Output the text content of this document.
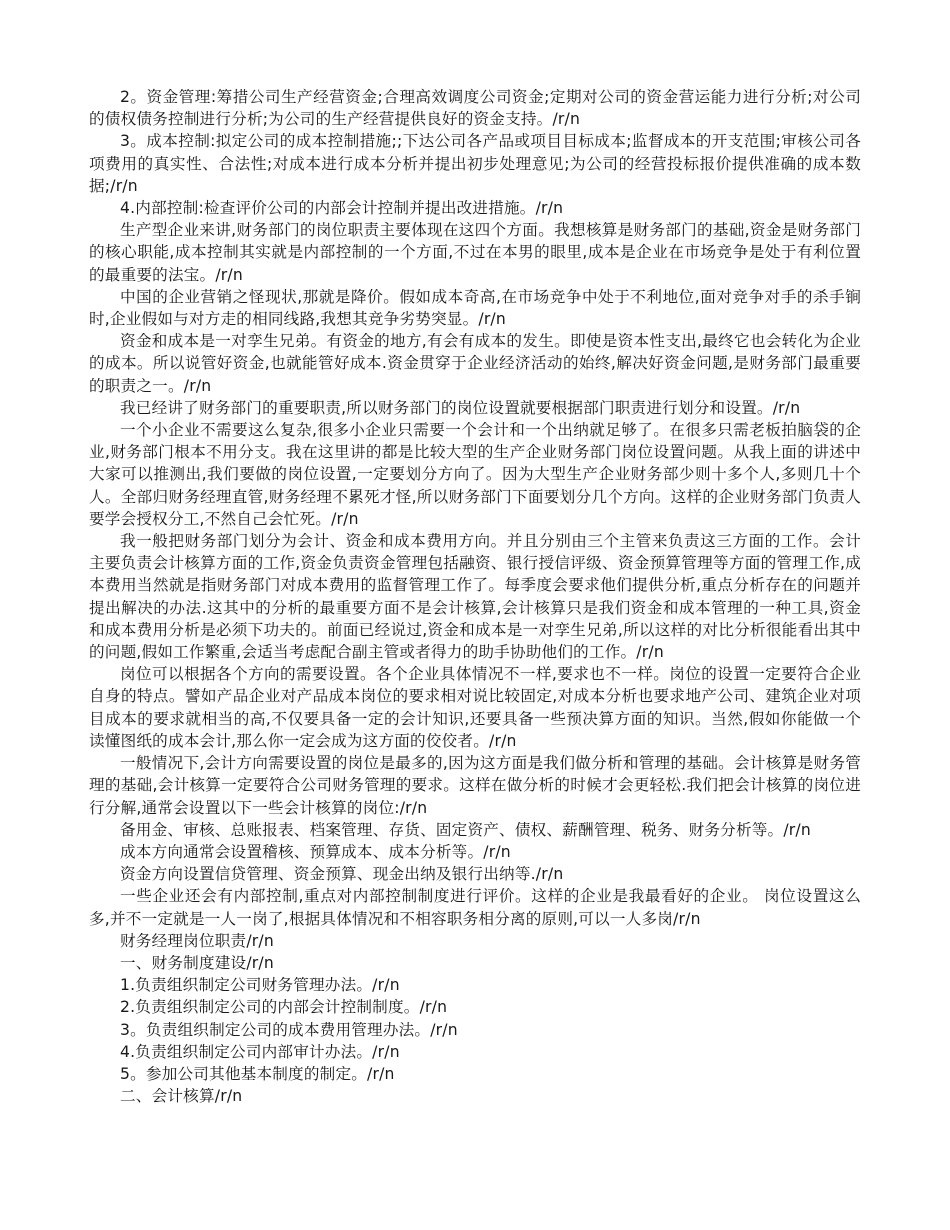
2。资金管理:筹措公司生产经营资金;合理高效调度公司资金;定期对公司的资金营运能力进行分析;对公司的债权债务控制进行分析;为公司的生产经营提供良好的资金支持。/r/n

3。成本控制:拟定公司的成本控制措施;;下达公司各产品或项目目标成本;监督成本的开支范围;审核公司各项费用的真实性、合法性;对成本进行成本分析并提出初步处理意见;为公司的经营投标报价提供准确的成本数据;/r/n

4.内部控制:检查评价公司的内部会计控制并提出改进措施。/r/n

生产型企业来讲,财务部门的岗位职责主要体现在这四个方面。我想核算是财务部门的基础,资金是财务部门的核心职能,成本控制其实就是内部控制的一个方面,不过在本男的眼里,成本是企业在市场竞争是处于有利位置的最重要的法宝。/r/n

中国的企业营销之怪现状,那就是降价。假如成本奇高,在市场竞争中处于不利地位,面对竞争对手的杀手锏时,企业假如与对方走的相同线路,我想其竞争劣势突显。/r/n

资金和成本是一对孪生兄弟。有资金的地方,有会有成本的发生。即使是资本性支出,最终它也会转化为企业的成本。所以说管好资金,也就能管好成本.资金贯穿于企业经济活动的始终,解决好资金问题,是财务部门最重要的职责之一。/r/n

我已经讲了财务部门的重要职责,所以财务部门的岗位设置就要根据部门职责进行划分和设置。/r/n

一个小企业不需要这么复杂,很多小企业只需要一个会计和一个出纳就足够了。在很多只需老板拍脑袋的企业,财务部门根本不用分支。我在这里讲的都是比较大型的生产企业财务部门岗位设置问题。从我上面的讲述中大家可以推测出,我们要做的岗位设置,一定要划分方向了。因为大型生产企业财务部少则十多个人,多则几十个人。全部归财务经理直管,财务经理不累死才怪,所以财务部门下面要划分几个方向。这样的企业财务部门负责人要学会授权分工,不然自己会忙死。/r/n

我一般把财务部门划分为会计、资金和成本费用方向。并且分别由三个主管来负责这三方面的工作。会计主要负责会计核算方面的工作,资金负责资金管理包括融资、银行授信评级、资金预算管理等方面的管理工作,成本费用当然就是指财务部门对成本费用的监督管理工作了。每季度会要求他们提供分析,重点分析存在的问题并提出解决的办法.这其中的分析的最重要方面不是会计核算,会计核算只是我们资金和成本管理的一种工具,资金和成本费用分析是必须下功夫的。前面已经说过,资金和成本是一对孪生兄弟,所以这样的对比分析很能看出其中的问题,假如工作繁重,会适当考虑配合副主管或者得力的助手协助他们的工作。/r/n

岗位可以根据各个方向的需要设置。各个企业具体情况不一样,要求也不一样。岗位的设置一定要符合企业自身的特点。譬如产品企业对产品成本岗位的要求相对说比较固定,对成本分析也要求地产公司、建筑企业对项目成本的要求就相当的高,不仅要具备一定的会计知识,还要具备一些预决算方面的知识。当然,假如你能做一个读懂图纸的成本会计,那么你一定会成为这方面的佼佼者。/r/n

一般情况下,会计方向需要设置的岗位是最多的,因为这方面是我们做分析和管理的基础。会计核算是财务管理的基础,会计核算一定要符合公司财务管理的要求。这样在做分析的时候才会更轻松.我们把会计核算的岗位进行分解,通常会设置以下一些会计核算的岗位:/r/n

备用金、审核、总账报表、档案管理、存货、固定资产、债权、薪酬管理、税务、财务分析等。/r/n

成本方向通常会设置稽核、预算成本、成本分析等。/r/n

资金方向设置信贷管理、资金预算、现金出纳及银行出纳等./r/n

一些企业还会有内部控制,重点对内部控制制度进行评价。这样的企业是我最看好的企业。 岗位设置这么多,并不一定就是一人一岗了,根据具体情况和不相容职务相分离的原则,可以一人多岗/r/n

财务经理岗位职责/r/n

一、财务制度建设/r/n

1.负责组织制定公司财务管理办法。/r/n

2.负责组织制定公司的内部会计控制制度。/r/n

3。负责组织制定公司的成本费用管理办法。/r/n

4.负责组织制定公司内部审计办法。/r/n

5。参加公司其他基本制度的制定。/r/n

二、会计核算/r/n
